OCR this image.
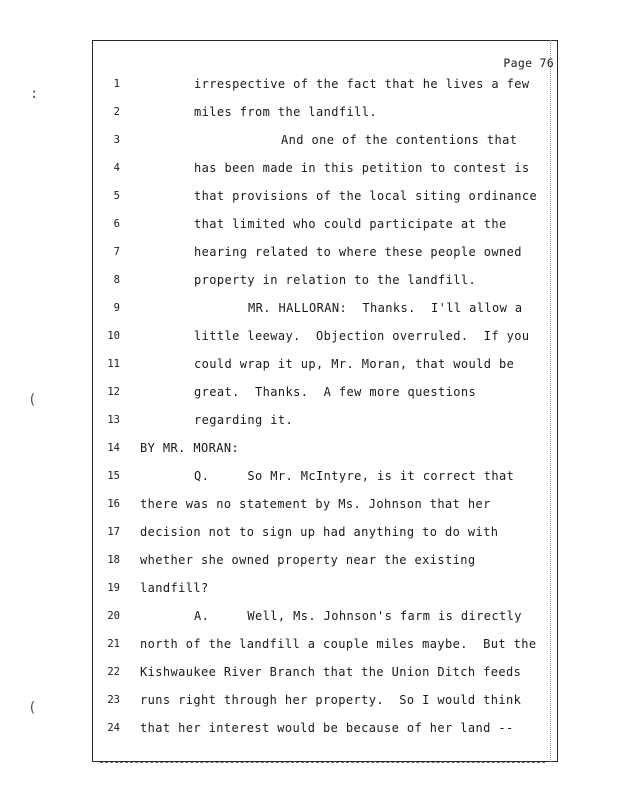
Page 76
:
(
(
1	irrespective of the fact that he lives a few
2	miles from the landfill.
3	And one of the contentions that
4	has been made in this petition to contest is
5	that provisions of the local siting ordinance
6	that limited who could participate at the
7	hearing related to where these people owned
8	property in relation to the landfill.
9	MR. HALLORAN:  Thanks.  I'll allow a
10	little leeway.  Objection overruled.  If you
11	could wrap it up, Mr. Moran, that would be
12	great.  Thanks.  A few more questions
13	regarding it.
14 BY MR. MORAN:
15	Q.     So Mr. McIntyre, is it correct that
16 there was no statement by Ms. Johnson that her
17 decision not to sign up had anything to do with
18 whether she owned property near the existing
19 landfill?
20	A.     Well, Ms. Johnson's farm is directly
21 north of the landfill a couple miles maybe.  But the
22 Kishwaukee River Branch that the Union Ditch feeds
23 runs right through her property.  So I would think
24 that her interest would be because of her land --
